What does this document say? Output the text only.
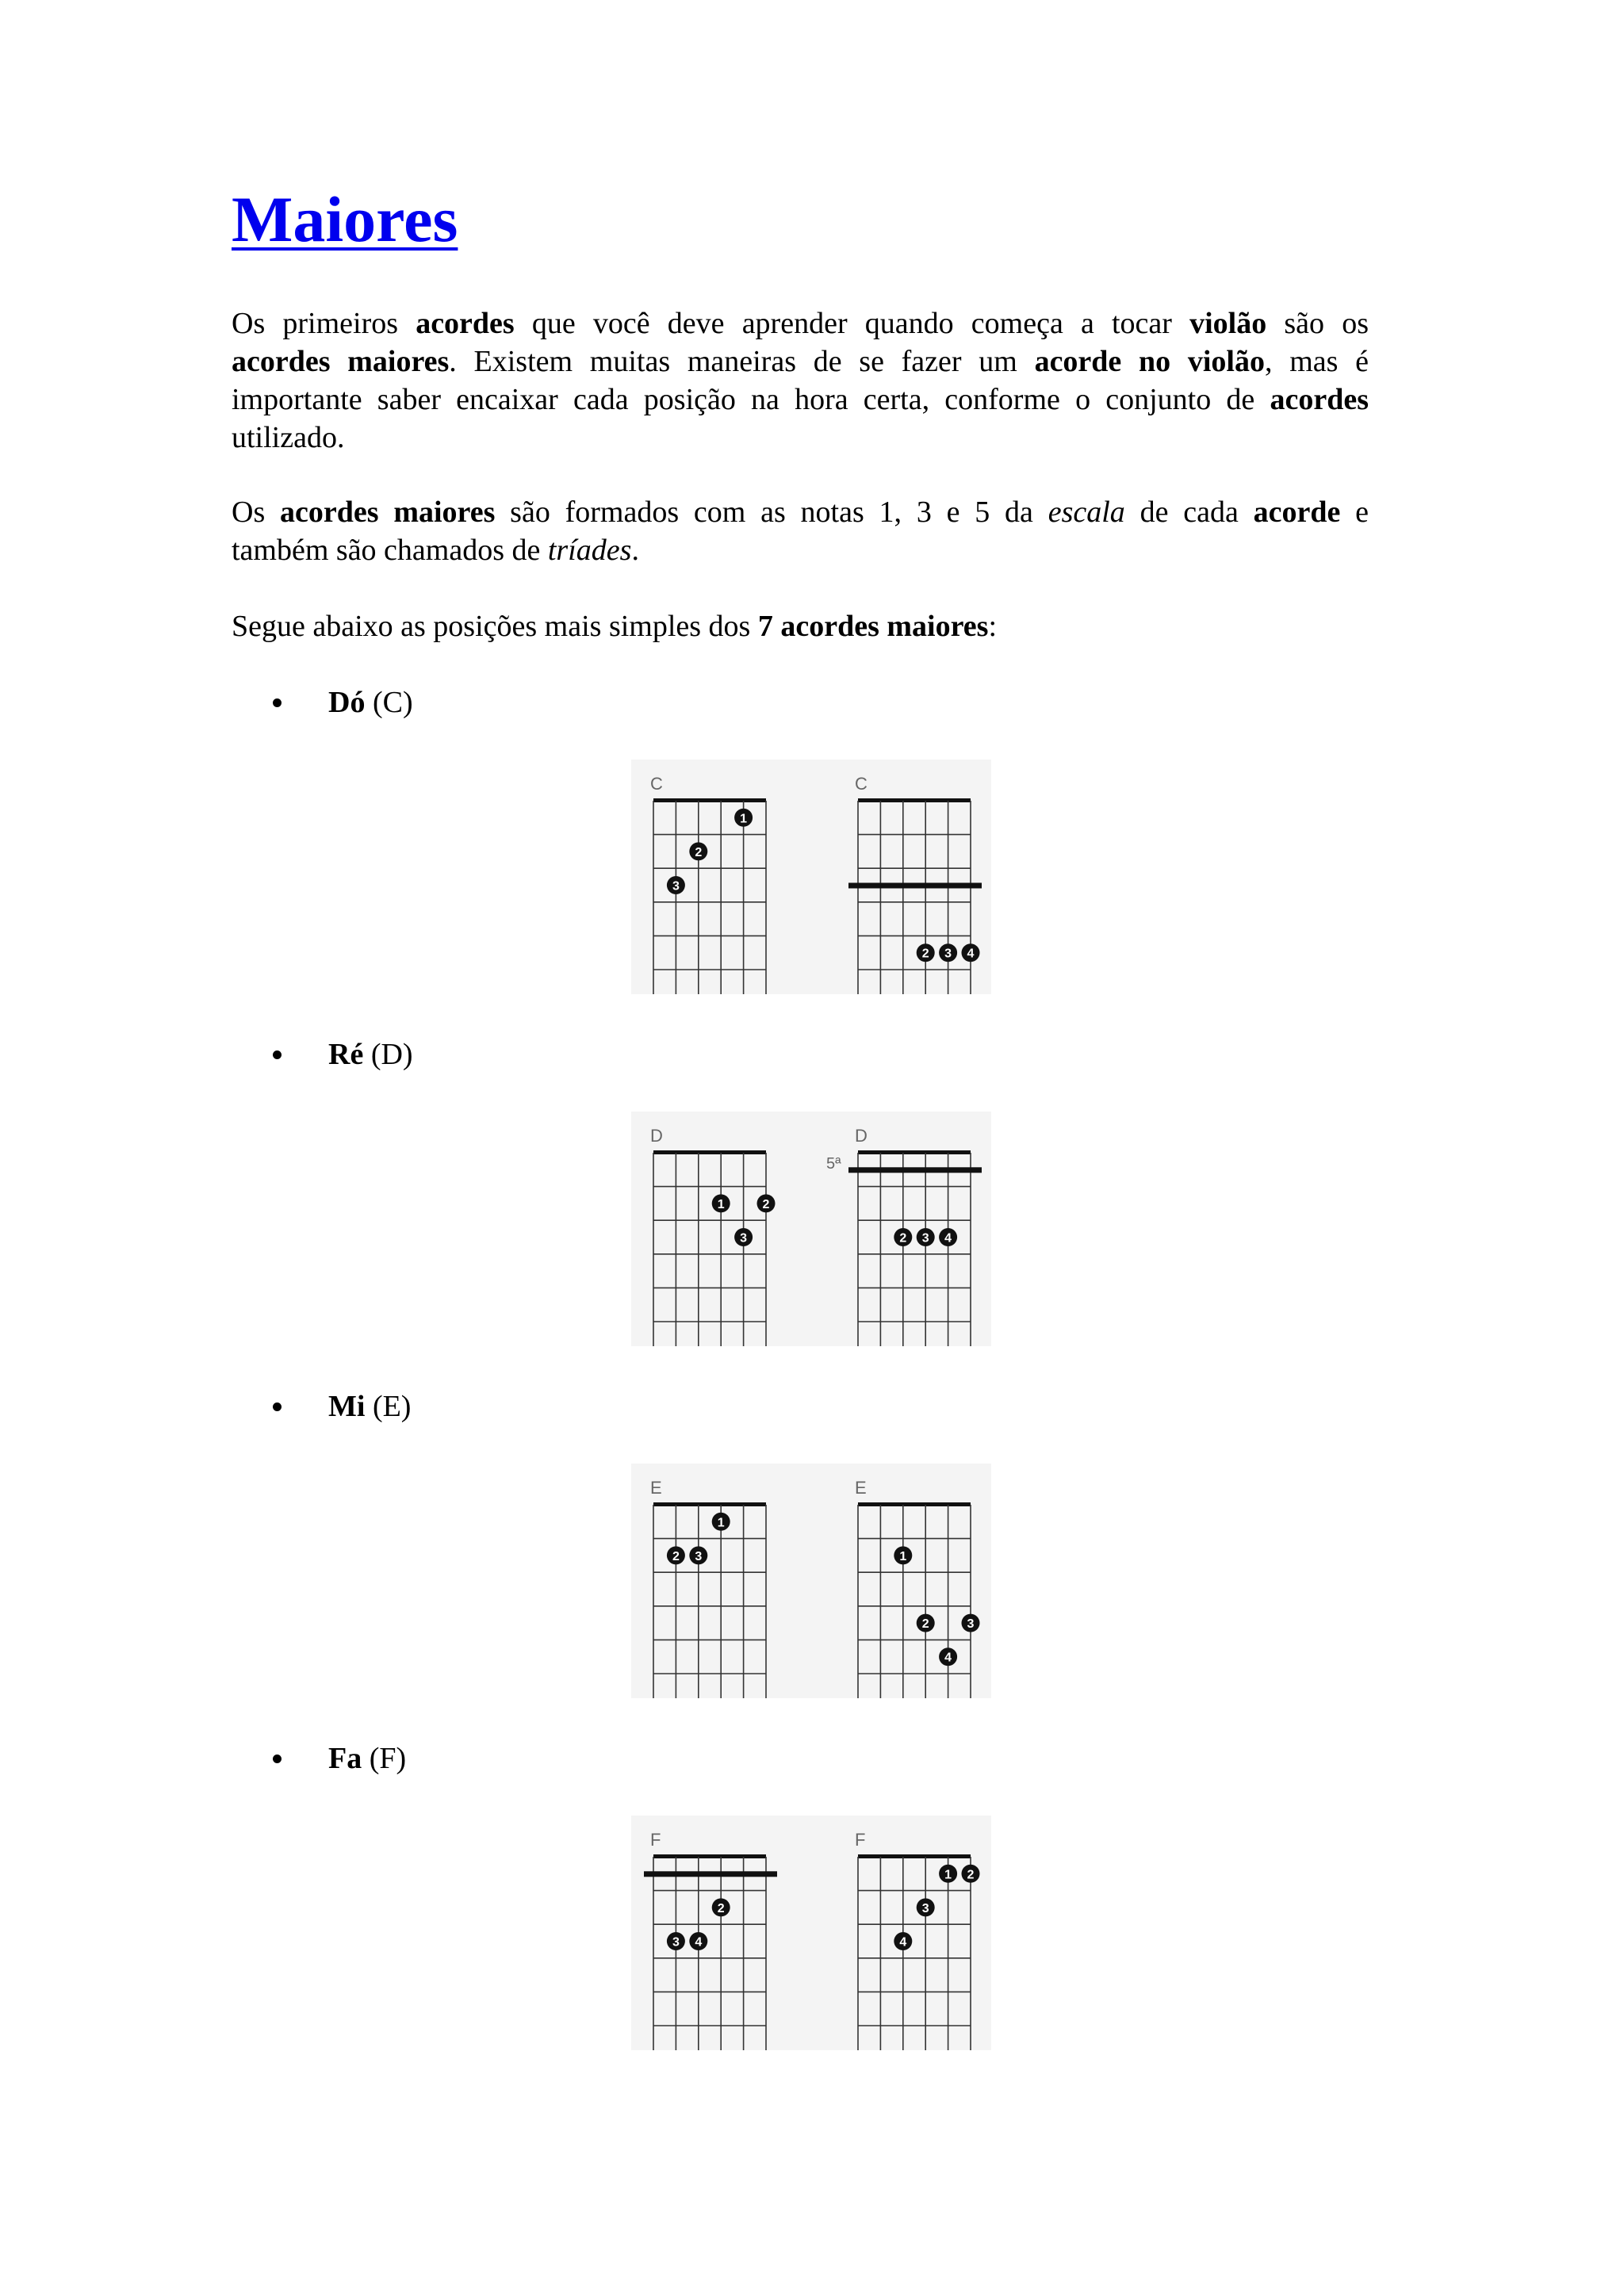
Maiores

Os primeiros acordes que você deve aprender quando começa a tocar violão são os
acordes maiores. Existem muitas maneiras de se fazer um acorde no violão, mas é
importante saber encaixar cada posição na hora certa, conforme o conjunto de acordes
utilizado.

Os acordes maiores são formados com as notas 1, 3 e 5 da escala de cada acorde e
também são chamados de tríades.

Segue abaixo as posições mais simples dos 7 acordes maiores:

Dó (C)
C
1
2
3
C
2 3 4
Ré (D)
D
1	2
3
D
5ª
2 3 4
Mi (E)
E
1
2 3
E
1
2	3
4
Fa (F)
F
2
3 4
F
1 2
3
4
